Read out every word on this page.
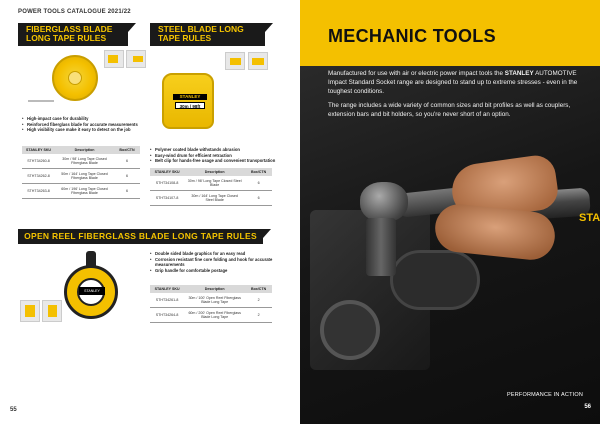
POWER TOOLS CATALOGUE 2021/22
FIBERGLASS BLADE LONG TAPE RULES
STEEL BLADE LONG TAPE RULES
STANLEY
30m / 98ft
• High-impact case for durability
• Reinforced fiberglass blade for accurate measurements
• High visibility case make it easy to detect on the job
• Polymer coated blade withstands abrasion
• Easy-wind drum for efficient retraction
• Belt clip for hands-free usage and convenient transportation
STANLEY SKU	Description	Box/CTN
STHT34260-8	30m / 98' Long Tape Closed Fiberglass Blade	6
STHT34262-8	50m / 164' Long Tape Closed Fiberglass Blade	6
STHT34263-8	60m / 196' Long Tape Closed Fiberglass Blade	6
STANLEY SKU	Description	Box/CTN
STHT34108-8	30m / 98' Long Tape Closed Steel Blade	6
STHT34107-8	30m / 164' Long Tape Closed Steel Blade	6
OPEN REEL FIBERGLASS BLADE LONG TAPE RULES
STANLEY
• Double sided blade graphics for an easy read
• Corrosion resistant fine core folding and hook for accurate measurements
• Grip handle for comfortable postage
STANLEY SKU	Description	Box/CTN
STHT34261-8	30m / 100' Open Reel Fiberglass Blade Long Tape	2
STHT34264-8	60m / 200' Open Reel Fiberglass Blade Long Tape	2
55
MECHANIC TOOLS

Manufactured for use with air or electric power impact tools the STANLEY AUTOMOTIVE Impact Standard Socket range are designed to stand up to extreme stresses - even in the toughest conditions.

The range includes a wide variety of common sizes and bit profiles as well as couplers, extension bars and bit holders, so you're never short of an option.

STA
PERFORMANCE IN ACTION
56
